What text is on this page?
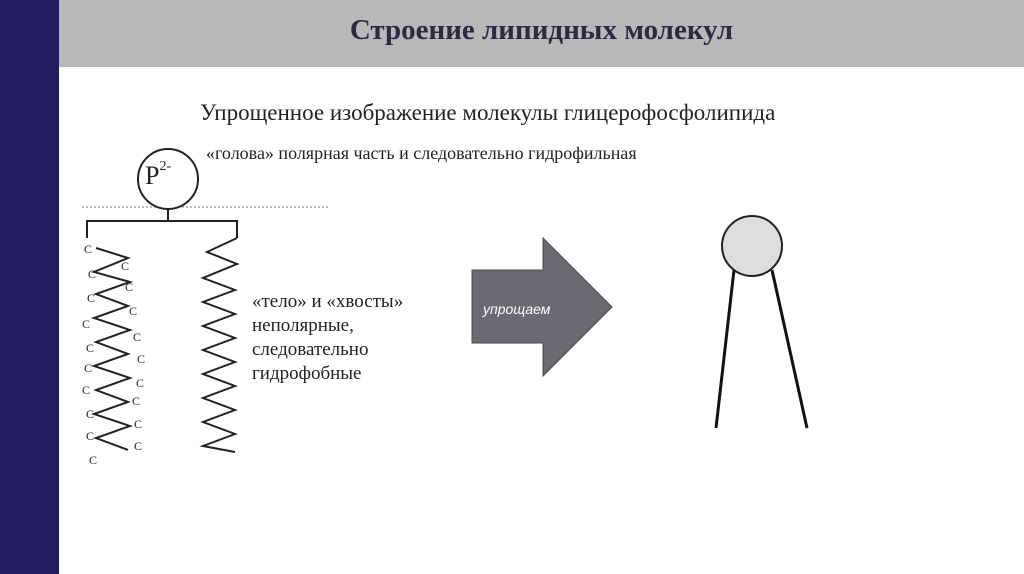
Строение липидных молекул
Упрощенное изображение молекулы глицерофосфолипида
«голова» полярная часть и следовательно гидрофильная
$P^{2-}$
C
C
C
C
C
C
C
C
C
C
C
C
C
C
C
C
C
C
C
«тело» и «хвосты»
неполярные,
следовательно
гидрофобные
упрощаем
